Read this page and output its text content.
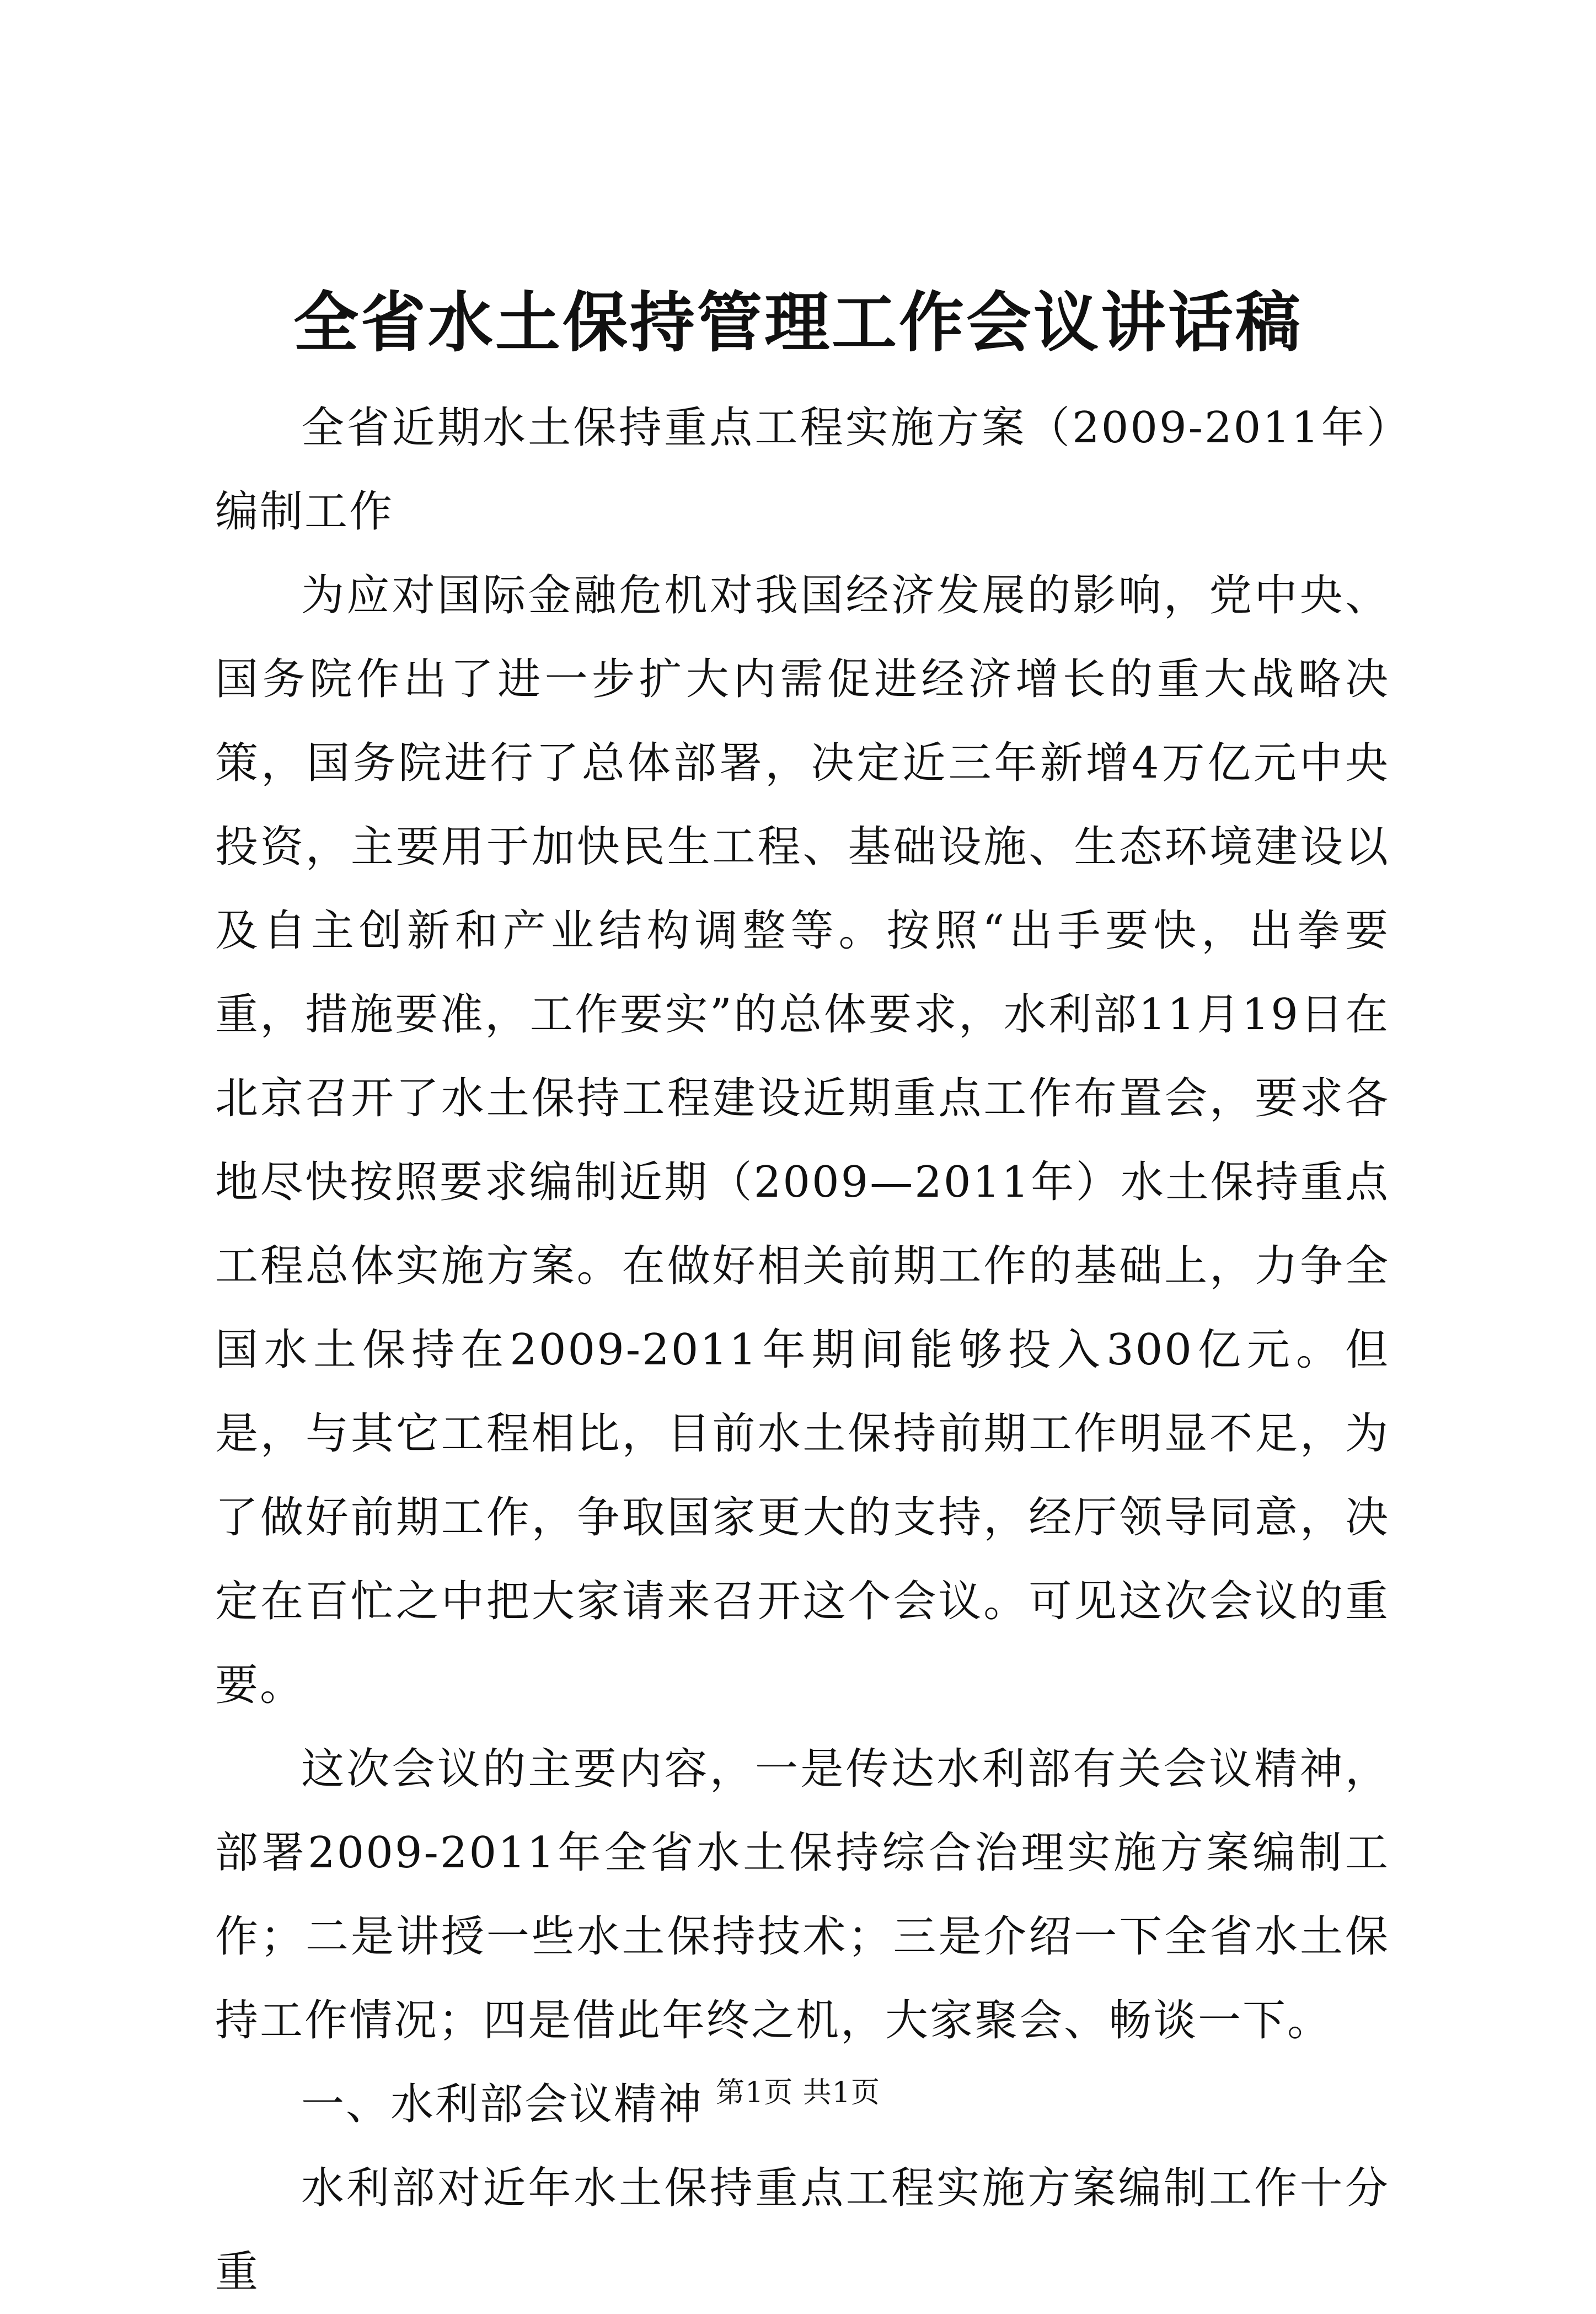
全省水土保持管理工作会议讲话稿

全省近期水土保持重点工程实施方案（2009-2011年）编制工作

为应对国际金融危机对我国经济发展的影响，党中央、国务院作出了进一步扩大内需促进经济增长的重大战略决策，国务院进行了总体部署，决定近三年新增4万亿元中央投资，主要用于加快民生工程、基础设施、生态环境建设以及自主创新和产业结构调整等。按照“出手要快，出拳要重，措施要准，工作要实”的总体要求，水利部11月19日在北京召开了水土保持工程建设近期重点工作布置会，要求各地尽快按照要求编制近期（2009—2011年）水土保持重点工程总体实施方案。在做好相关前期工作的基础上，力争全国水土保持在2009-2011年期间能够投入300亿元。但是，与其它工程相比，目前水土保持前期工作明显不足，为了做好前期工作，争取国家更大的支持，经厅领导同意，决定在百忙之中把大家请来召开这个会议。可见这次会议的重要。

这次会议的主要内容，一是传达水利部有关会议精神，部署2009-2011年全省水土保持综合治理实施方案编制工作；二是讲授一些水土保持技术；三是介绍一下全省水土保持工作情况；四是借此年终之机，大家聚会、畅谈一下。

一、水利部会议精神

水利部对近年水土保持重点工程实施方案编制工作十分重

第1页 共1页
